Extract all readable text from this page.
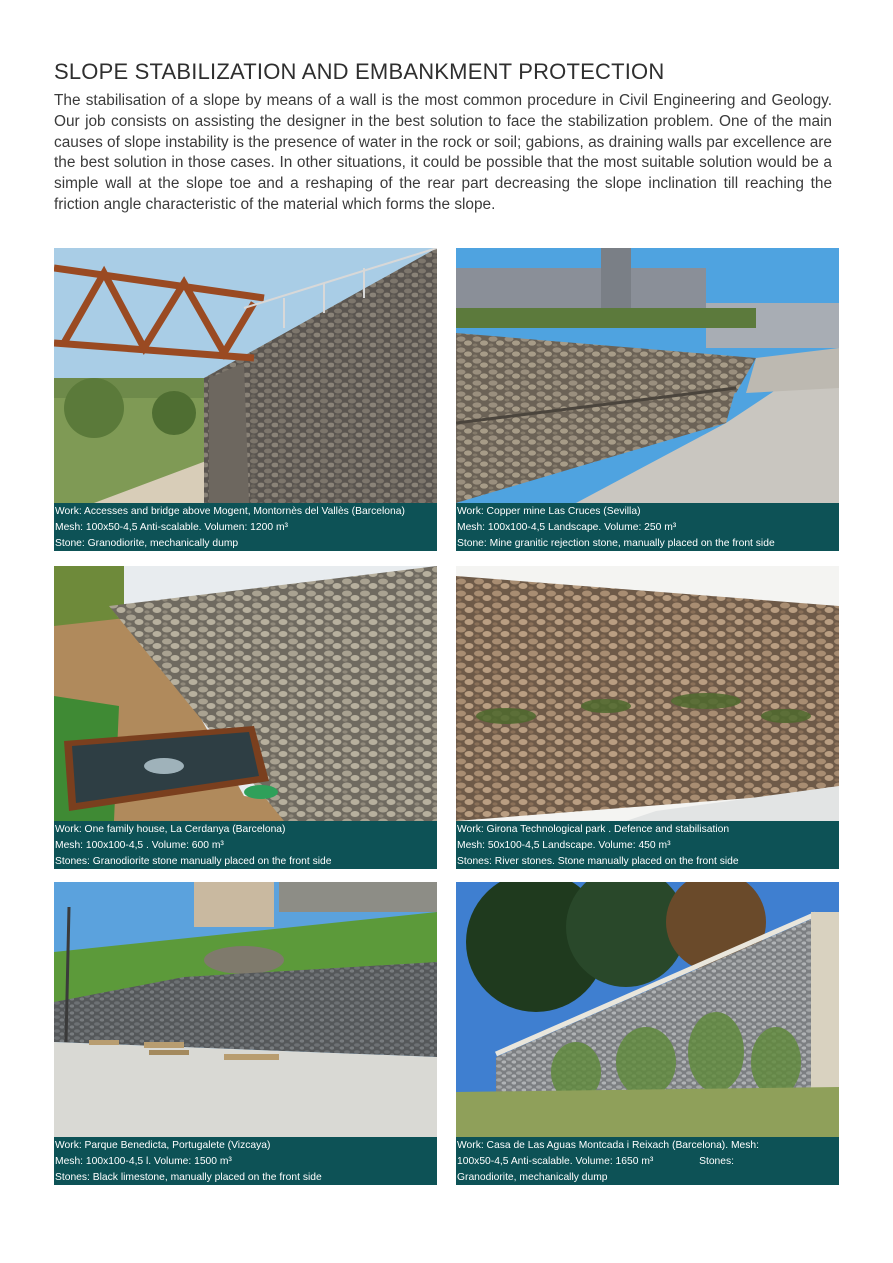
SLOPE STABILIZATION AND EMBANKMENT PROTECTION

The stabilisation of a slope by means of a wall is the most common procedure in Civil Engineering and Geology. Our job consists on assisting the designer in the best solution to face the stabilization problem. One of the main causes of slope instability is the presence of water in the rock or soil; gabions, as draining walls par excellence are the best solution in those cases. In other situations, it could be possible that the most suitable solution would be a simple wall at the slope toe and a reshaping of the rear part decreasing the slope inclination till reaching the friction angle characteristic of the material which forms the slope.

Work: Accesses and bridge above Mogent, Montornès del Vallès (Barcelona)
Mesh: 100x50-4,5 Anti-scalable. Volumen: 1200 m³
Stone: Granodiorite, mechanically dump
Work: Copper mine Las Cruces (Sevilla)
Mesh: 100x100-4,5 Landscape. Volume: 250 m³
Stone: Mine granitic rejection stone, manually placed on the front side
Work: One family house, La Cerdanya (Barcelona)
Mesh: 100x100-4,5 . Volume: 600 m³
Stones: Granodiorite stone manually placed on the front side
Work: Girona Technological park . Defence and stabilisation
Mesh: 50x100-4,5 Landscape. Volume: 450 m³
Stones: River stones. Stone manually placed on the front side
Work: Parque Benedicta, Portugalete (Vizcaya)
Mesh: 100x100-4,5 l. Volume: 1500 m³
Stones: Black limestone, manually placed on the front side
Work: Casa de Las Aguas Montcada i Reixach (Barcelona). Mesh:
100x50-4,5 Anti-scalable. Volume: 1650 m³                Stones:
Granodiorite, mechanically dump
